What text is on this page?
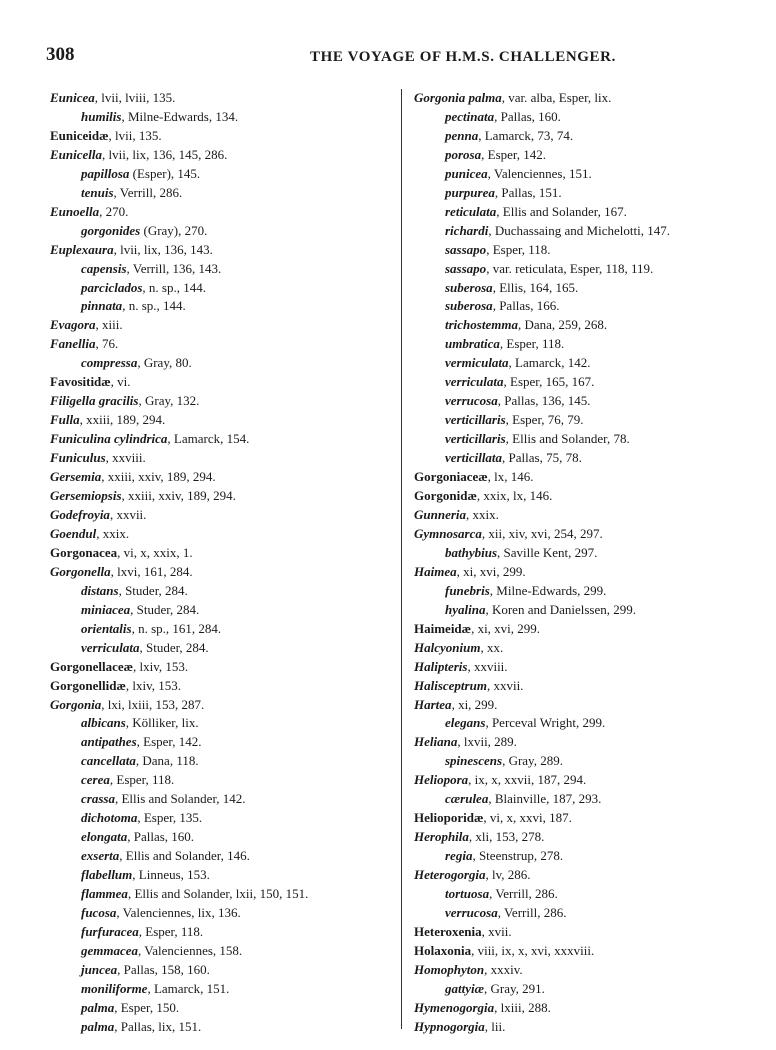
308	THE VOYAGE OF H.M.S. CHALLENGER.
Eunicea, lvii, lviii, 135.
humilis, Milne-Edwards, 134.
Euniceidæ, lvii, 135.
Eunicella, lvii, lix, 136, 145, 286.
papillosa (Esper), 145.
tenuis, Verrill, 286.
Eunoella, 270.
gorgonides (Gray), 270.
Euplexaura, lvii, lix, 136, 143.
capensis, Verrill, 136, 143.
parciclados, n. sp., 144.
pinnata, n. sp., 144.
Evagora, xiii.
Fanellia, 76.
compressa, Gray, 80.
Favositidæ, vi.
Filigella gracilis, Gray, 132.
Fulla, xxiii, 189, 294.
Funiculina cylindrica, Lamarck, 154.
Funiculus, xxviii.
Gersemia, xxiii, xxiv, 189, 294.
Gersemiopsis, xxiii, xxiv, 189, 294.
Godefroyia, xxvii.
Goendul, xxix.
Gorgonacea, vi, x, xxix, 1.
Gorgonella, lxvi, 161, 284.
distans, Studer, 284.
miniacea, Studer, 284.
orientalis, n. sp., 161, 284.
verriculata, Studer, 284.
Gorgonellaceæ, lxiv, 153.
Gorgonellidæ, lxiv, 153.
Gorgonia, lxi, lxiii, 153, 287.
albicans, Kölliker, lix.
antipathes, Esper, 142.
cancellata, Dana, 118.
cerea, Esper, 118.
crassa, Ellis and Solander, 142.
dichotoma, Esper, 135.
elongata, Pallas, 160.
exserta, Ellis and Solander, 146.
flabellum, Linneus, 153.
flammea, Ellis and Solander, lxii, 150, 151.
fucosa, Valenciennes, lix, 136.
furfuracea, Esper, 118.
gemmacea, Valenciennes, 158.
juncea, Pallas, 158, 160.
moniliforme, Lamarck, 151.
palma, Esper, 150.
palma, Pallas, lix, 151.
Gorgonia palma, var. alba, Esper, lix.
pectinata, Pallas, 160.
penna, Lamarck, 73, 74.
porosa, Esper, 142.
punicea, Valenciennes, 151.
purpurea, Pallas, 151.
reticulata, Ellis and Solander, 167.
richardi, Duchassaing and Michelotti, 147.
sassapo, Esper, 118.
sassapo, var. reticulata, Esper, 118, 119.
suberosa, Ellis, 164, 165.
suberosa, Pallas, 166.
trichostemma, Dana, 259, 268.
umbratica, Esper, 118.
vermiculata, Lamarck, 142.
verriculata, Esper, 165, 167.
verrucosa, Pallas, 136, 145.
verticillaris, Esper, 76, 79.
verticillaris, Ellis and Solander, 78.
verticillata, Pallas, 75, 78.
Gorgoniaceæ, lx, 146.
Gorgonidæ, xxix, lx, 146.
Gunneria, xxix.
Gymnosarca, xii, xiv, xvi, 254, 297.
bathybius, Saville Kent, 297.
Haimea, xi, xvi, 299.
funebris, Milne-Edwards, 299.
hyalina, Koren and Danielssen, 299.
Haimeidæ, xi, xvi, 299.
Halcyonium, xx.
Halipteris, xxviii.
Halisceptrum, xxvii.
Hartea, xi, 299.
elegans, Perceval Wright, 299.
Heliana, lxvii, 289.
spinescens, Gray, 289.
Heliopora, ix, x, xxvii, 187, 294.
cærulea, Blainville, 187, 293.
Helioporidæ, vi, x, xxvi, 187.
Herophila, xli, 153, 278.
regia, Steenstrup, 278.
Heterogorgia, lv, 286.
tortuosa, Verrill, 286.
verrucosa, Verrill, 286.
Heteroxenia, xvii.
Holaxonia, viii, ix, x, xvi, xxxviii.
Homophyton, xxxiv.
gattyiæ, Gray, 291.
Hymenogorgia, lxiii, 288.
Hypnogorgia, lii.
